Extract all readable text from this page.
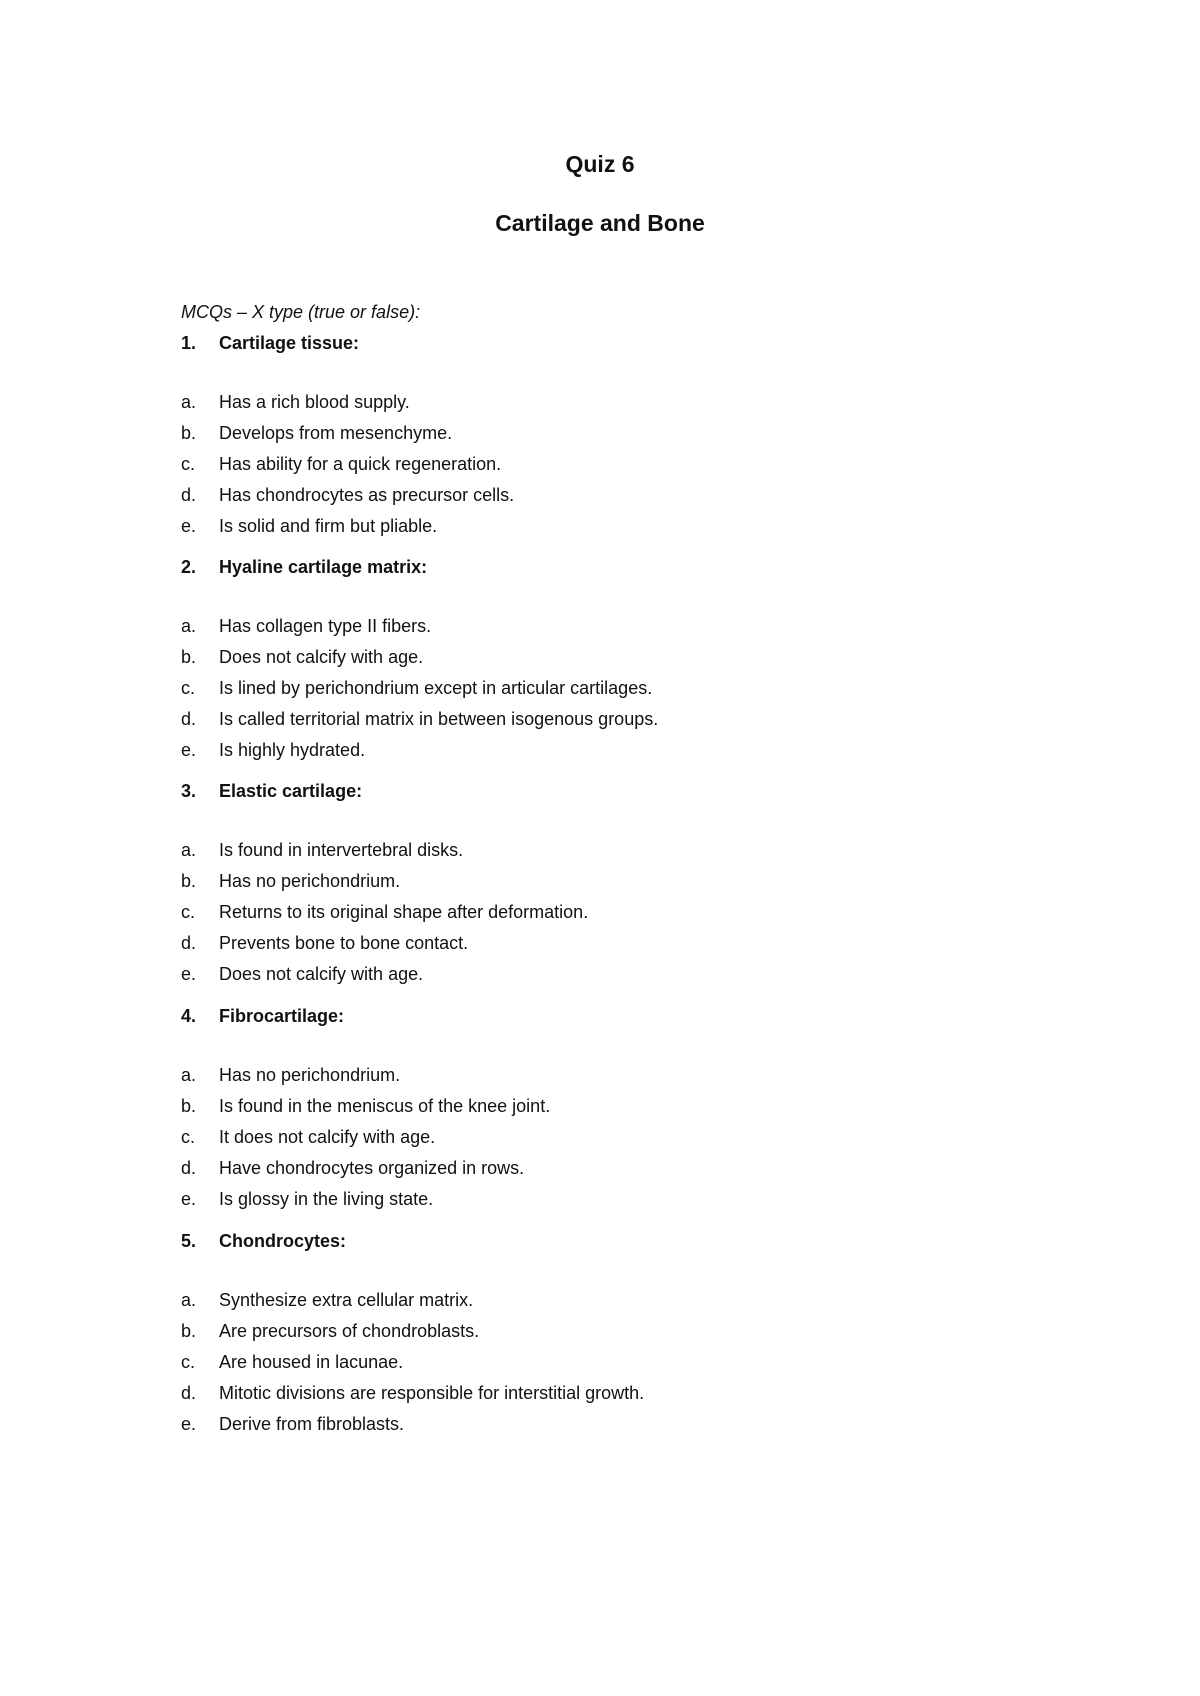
Quiz 6
Cartilage and Bone
MCQs – X type (true or false):
1. Cartilage tissue:
a. Has a rich blood supply.
b. Develops from mesenchyme.
c. Has ability for a quick regeneration.
d. Has chondrocytes as precursor cells.
e. Is solid and firm but pliable.
2. Hyaline cartilage matrix:
a. Has collagen type II fibers.
b. Does not calcify with age.
c. Is lined by perichondrium except in articular cartilages.
d. Is called territorial matrix in between isogenous groups.
e. Is highly hydrated.
3. Elastic cartilage:
a. Is found in intervertebral disks.
b. Has no perichondrium.
c. Returns to its original shape after deformation.
d. Prevents bone to bone contact.
e. Does not calcify with age.
4. Fibrocartilage:
a. Has no perichondrium.
b. Is found in the meniscus of the knee joint.
c. It does not calcify with age.
d. Have chondrocytes organized in rows.
e. Is glossy in the living state.
5. Chondrocytes:
a. Synthesize extra cellular matrix.
b. Are precursors of chondroblasts.
c. Are housed in lacunae.
d. Mitotic divisions are responsible for interstitial growth.
e. Derive from fibroblasts.
